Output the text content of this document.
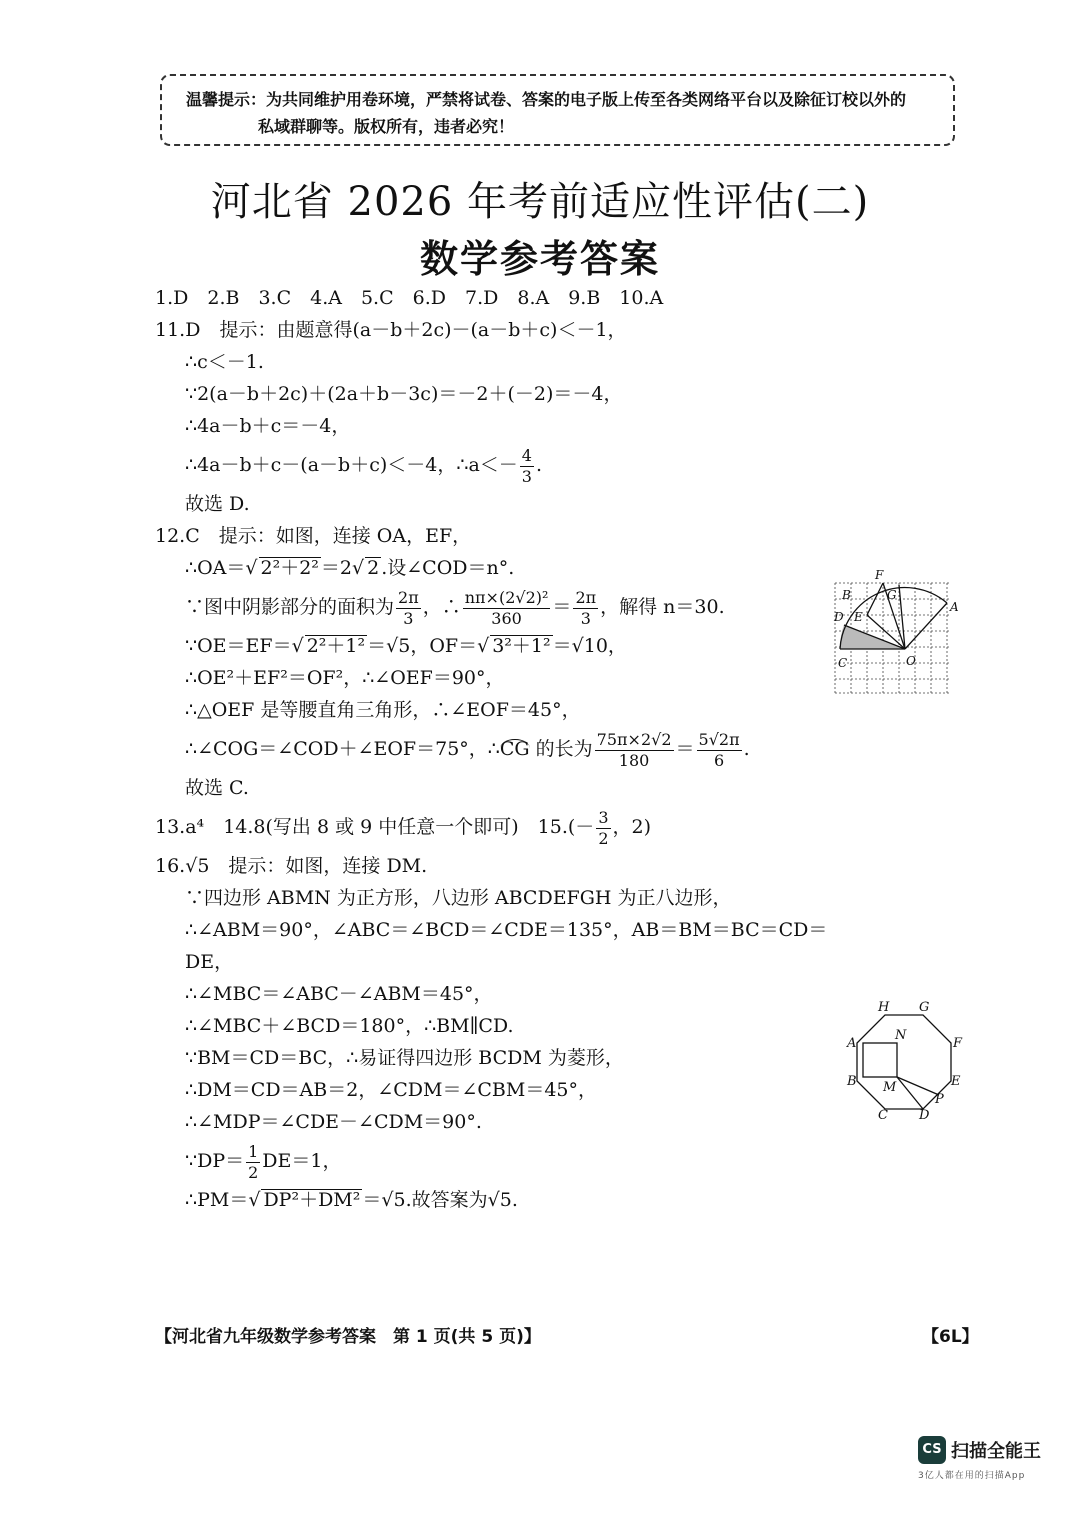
温馨提示：为共同维护用卷环境，严禁将试卷、答案的电子版上传至各类网络平台以及除征订校以外的

私域群聊等。版权所有，违者必究！

河北省 2026 年考前适应性评估(二)
数学参考答案
1.D　2.B　3.C　4.A　5.C　6.D　7.D　8.A　9.B　10.A
11.D　提示：由题意得(a－b＋2c)－(a－b＋c)＜－1，
∴c＜－1.
∵2(a－b＋2c)＋(2a＋b－3c)＝－2＋(－2)＝－4，
∴4a－b＋c＝－4，
∴4a－b＋c－(a－b＋c)＜－4，∴a＜－ $\frac{4}{3}$ .
故选 D.
12.C　提示：如图，连接 OA，EF，
∴OA＝√ 2²＋2² ＝2√ 2 .设∠COD＝n°.
∵图中阴影部分的面积为 $\frac{2\pi}{3}$ ，∴ $\frac{\text{nπ×(2√2)²}}{360} = \frac{2\pi}{3}$ ，解得 n＝30.
∵OE＝EF＝√ 2²＋1² ＝√5，OF＝√ 3²＋1² ＝√10，
∴OE²＋EF²＝OF²，∴∠OEF＝90°，
∴△OEF 是等腰直角三角形，∴∠EOF＝45°，
∴∠COG＝∠COD＋∠EOF＝75°，∴CG 的长为 $\frac{75\pi\times 2√2}{180} = \frac{5√2\pi}{6}$ .
故选 C.
13.a⁴　 14.8(写出 8 或 9 中任意一个即可)　 $15.(- \frac{3}{2}$ ，2)
16.√5　提示：如图，连接 DM.
∵四边形 ABMN 为正方形，八边形 ABCDEFGH 为正八边形，
∴∠ABM＝90°，∠ABC＝∠BCD＝∠CDE＝135°，AB＝BM＝BC＝CD＝
DE，
∴∠MBC＝∠ABC－∠ABM＝45°，
∴∠MBC＋∠BCD＝180°，∴BM∥CD.
∵BM＝CD＝BC，∴易证得四边形 BCDM 为菱形，
∴DM＝CD＝AB＝2，∠CDM＝∠CBM＝45°，
∴∠MDP＝∠CDE－∠CDM＝90°.
∵DP＝ $\frac{1}{2} DE=1$，
∴PM＝√ DP²＋DM² ＝√5.故答案为√5.
F
B	G
A
D E
C	O
H G
A
N
F
B M	E
P
C D
【河北省九年级数学参考答案　第 1 页(共 5 页)】	【6L】
CS 扫描全能王
3亿人都在用的扫描App
